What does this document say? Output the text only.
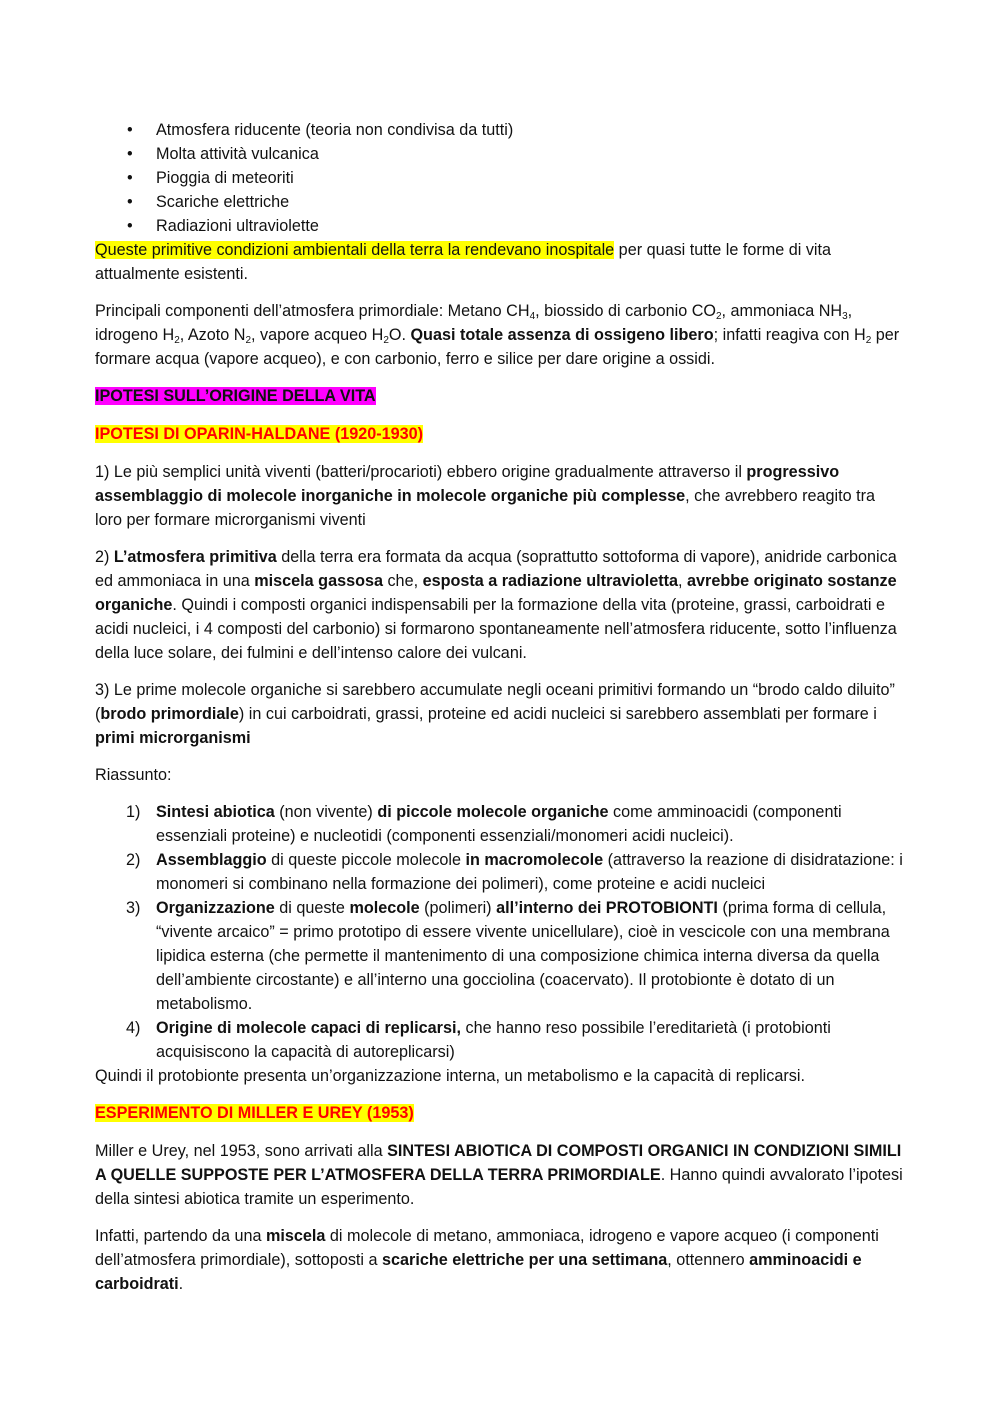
• Atmosfera riducente (teoria non condivisa da tutti)
• Molta attività vulcanica
• Pioggia di meteoriti
• Scariche elettriche
• Radiazioni ultraviolette

Queste primitive condizioni ambientali della terra la rendevano inospitale per quasi tutte le forme di vita attualmente esistenti.

Principali componenti dell’atmosfera primordiale: Metano $CH_4$, biossido di carbonio $CO_2$, ammoniaca $NH_3$, idrogeno $H_2$, Azoto $N_2$, vapore acqueo $H_2O$. Quasi totale assenza di ossigeno libero; infatti reagiva con $H_2$ per formare acqua (vapore acqueo), e con carbonio, ferro e silice per dare origine a ossidi.

IPOTESI SULL’ORIGINE DELLA VITA

IPOTESI DI OPARIN-HALDANE (1920-1930)

1) Le più semplici unità viventi (batteri/procarioti) ebbero origine gradualmente attraverso il progressivo assemblaggio di molecole inorganiche in molecole organiche più complesse, che avrebbero reagito tra loro per formare microrganismi viventi

2) L’atmosfera primitiva della terra era formata da acqua (soprattutto sottoforma di vapore), anidride carbonica ed ammoniaca in una miscela gassosa che, esposta a radiazione ultravioletta, avrebbe originato sostanze organiche. Quindi i composti organici indispensabili per la formazione della vita (proteine, grassi, carboidrati e acidi nucleici, i 4 composti del carbonio) si formarono spontaneamente nell’atmosfera riducente, sotto l’influenza della luce solare, dei fulmini e dell’intenso calore dei vulcani.

3) Le prime molecole organiche si sarebbero accumulate negli oceani primitivi formando un “brodo caldo diluito” (brodo primordiale) in cui carboidrati, grassi, proteine ed acidi nucleici si sarebbero assemblati per formare i primi microrganismi

Riassunto:

1) Sintesi abiotica (non vivente) di piccole molecole organiche come amminoacidi (componenti essenziali proteine) e nucleotidi (componenti essenziali/monomeri acidi nucleici).
2) Assemblaggio di queste piccole molecole in macromolecole (attraverso la reazione di disidratazione: i monomeri si combinano nella formazione dei polimeri), come proteine e acidi nucleici
3) Organizzazione di queste molecole (polimeri) all’interno dei PROTOBIONTI (prima forma di cellula, “vivente arcaico” = primo prototipo di essere vivente unicellulare), cioè in vescicole con una membrana lipidica esterna (che permette il mantenimento di una composizione chimica interna diversa da quella dell’ambiente circostante) e all’interno una gocciolina (coacervato). Il protobionte è dotato di un metabolismo.
4) Origine di molecole capaci di replicarsi, che hanno reso possibile l’ereditarietà (i protobionti acquisiscono la capacità di autoreplicarsi)

Quindi il protobionte presenta un’organizzazione interna, un metabolismo e la capacità di replicarsi.

ESPERIMENTO DI MILLER E UREY (1953)

Miller e Urey, nel 1953, sono arrivati alla SINTESI ABIOTICA DI COMPOSTI ORGANICI IN CONDIZIONI SIMILI A QUELLE SUPPOSTE PER L’ATMOSFERA DELLA TERRA PRIMORDIALE. Hanno quindi avvalorato l’ipotesi della sintesi abiotica tramite un esperimento.

Infatti, partendo da una miscela di molecole di metano, ammoniaca, idrogeno e vapore acqueo (i componenti dell’atmosfera primordiale), sottoposti a scariche elettriche per una settimana, ottennero amminoacidi e carboidrati.
